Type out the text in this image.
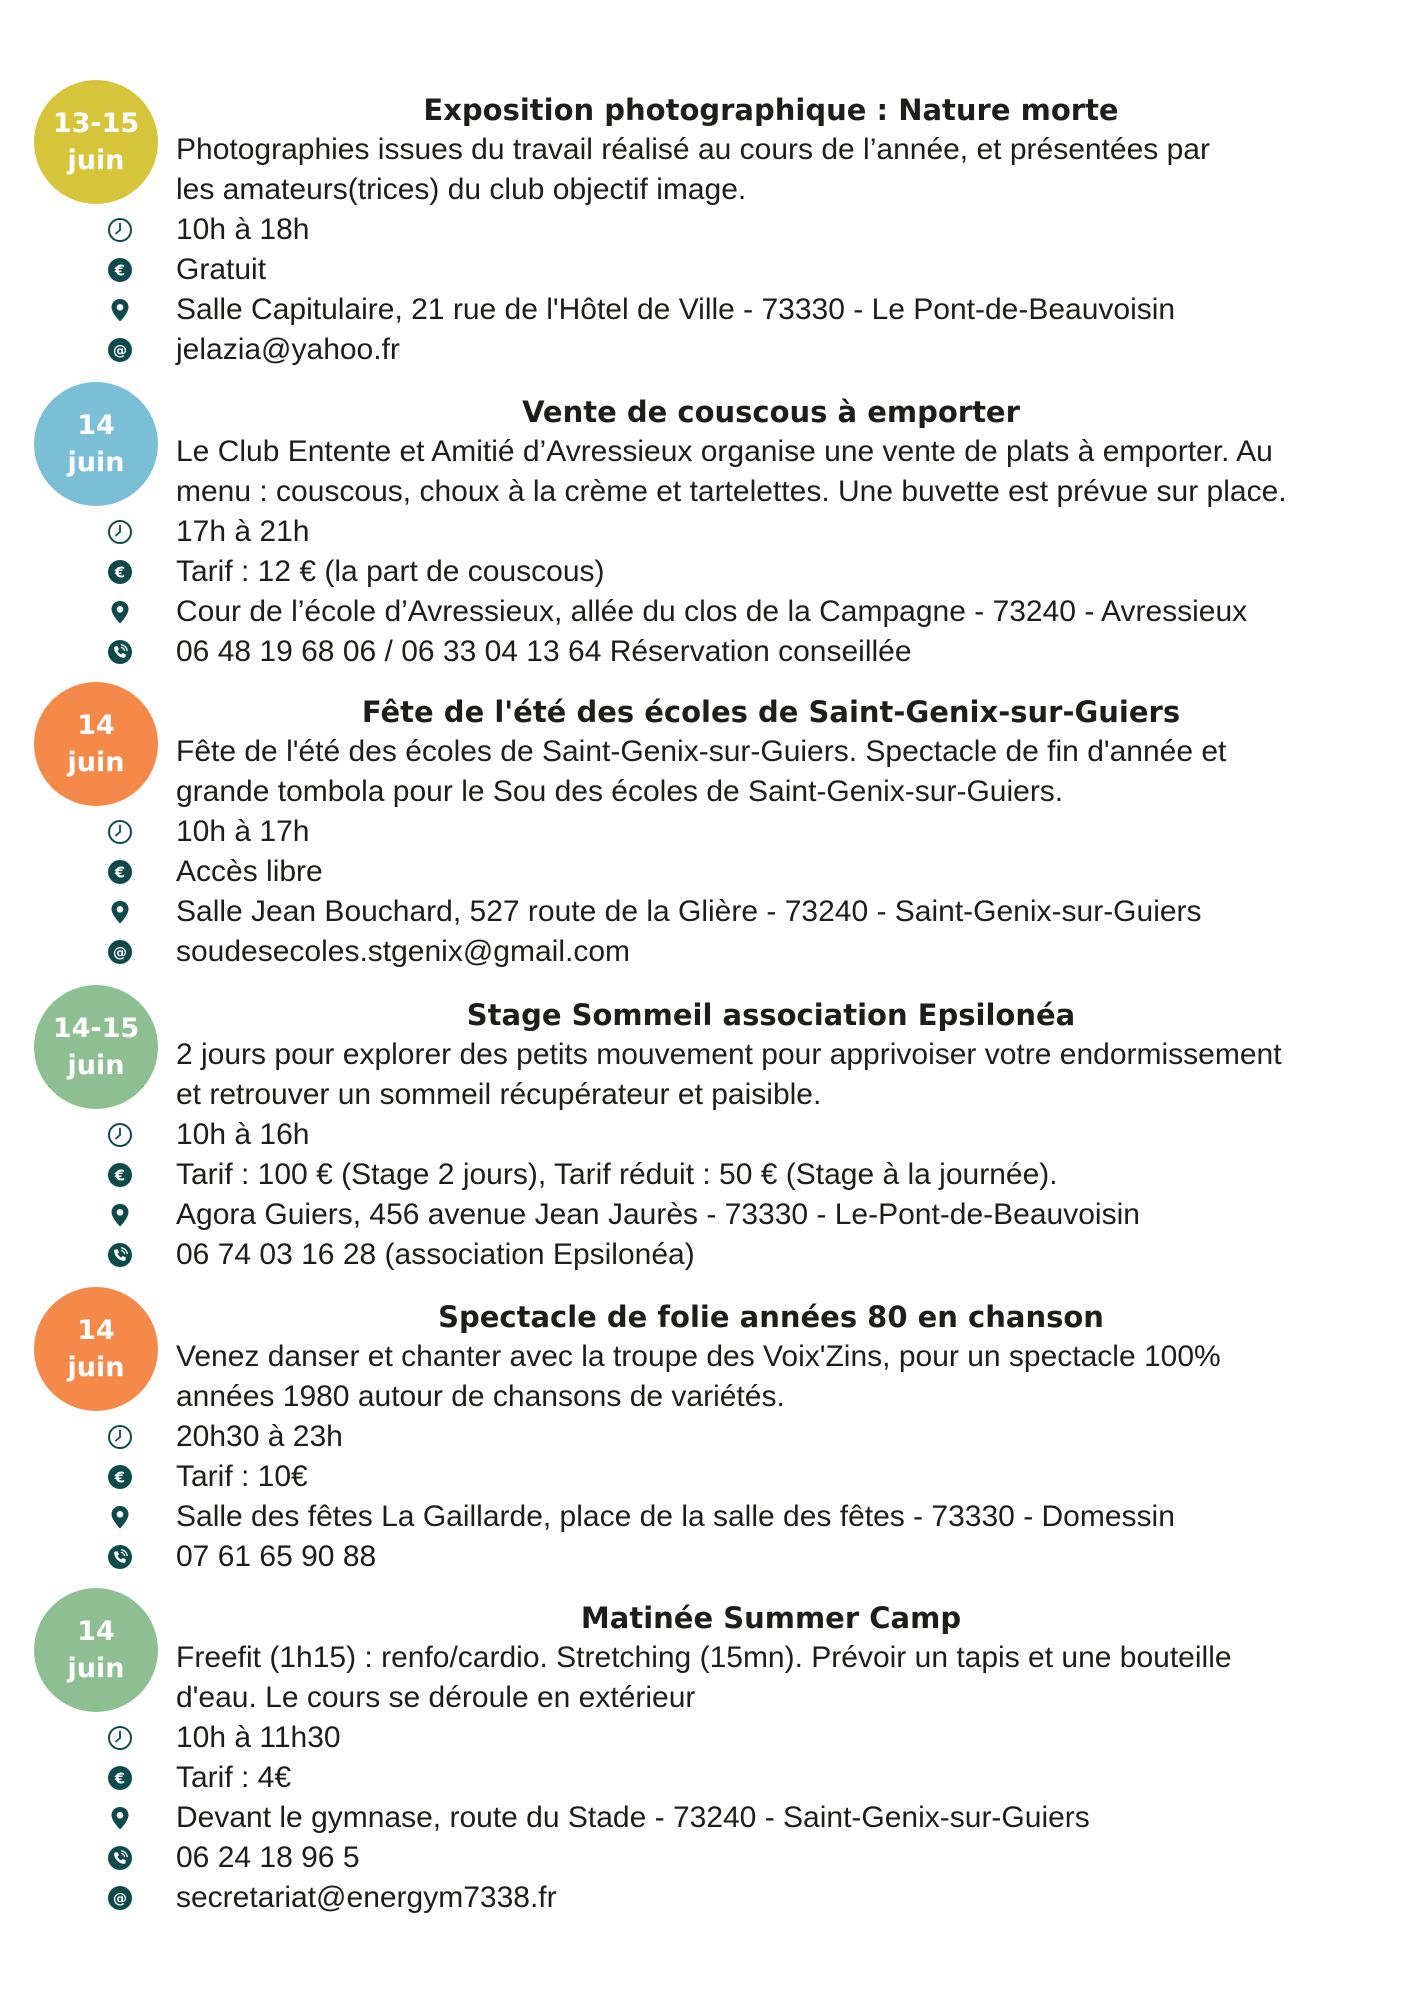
13-15
juin
Exposition photographique : Nature morte
Photographies issues du travail réalisé au cours de l’année, et présentées par
les amateurs(trices) du club objectif image.
10h à 18h
€ Gratuit
Salle Capitulaire, 21 rue de l'Hôtel de Ville - 73330 - Le Pont-de-Beauvoisin
@ jelazia@yahoo.fr
14
juin
Vente de couscous à emporter
Le Club Entente et Amitié d’Avressieux organise une vente de plats à emporter. Au
menu : couscous, choux à la crème et tartelettes. Une buvette est prévue sur place.
17h à 21h
€ Tarif : 12 € (la part de couscous)
Cour de l’école d’Avressieux, allée du clos de la Campagne - 73240 - Avressieux
06 48 19 68 06 / 06 33 04 13 64 Réservation conseillée
14
juin
Fête de l'été des écoles de Saint-Genix-sur-Guiers
Fête de l'été des écoles de Saint-Genix-sur-Guiers. Spectacle de fin d'année et
grande tombola pour le Sou des écoles de Saint-Genix-sur-Guiers.
10h à 17h
€ Accès libre
Salle Jean Bouchard, 527 route de la Glière - 73240 - Saint-Genix-sur-Guiers
@ soudesecoles.stgenix@gmail.com
14-15
juin
Stage Sommeil association Epsilonéa
2 jours pour explorer des petits mouvement pour apprivoiser votre endormissement
et retrouver un sommeil récupérateur et paisible.
10h à 16h
€ Tarif : 100 € (Stage 2 jours), Tarif réduit : 50 € (Stage à la journée).
Agora Guiers, 456 avenue Jean Jaurès - 73330 - Le-Pont-de-Beauvoisin
06 74 03 16 28 (association Epsilonéa)
14
juin
Spectacle de folie années 80 en chanson
Venez danser et chanter avec la troupe des Voix'Zins, pour un spectacle 100%
années 1980 autour de chansons de variétés.
20h30 à 23h
€ Tarif : 10€
Salle des fêtes La Gaillarde, place de la salle des fêtes - 73330 - Domessin
07 61 65 90 88
14
juin
Matinée Summer Camp
Freefit (1h15) : renfo/cardio. Stretching (15mn). Prévoir un tapis et une bouteille
d'eau. Le cours se déroule en extérieur
10h à 11h30
€ Tarif : 4€
Devant le gymnase, route du Stade - 73240 - Saint-Genix-sur-Guiers
06 24 18 96 5
@ secretariat@energym7338.fr
